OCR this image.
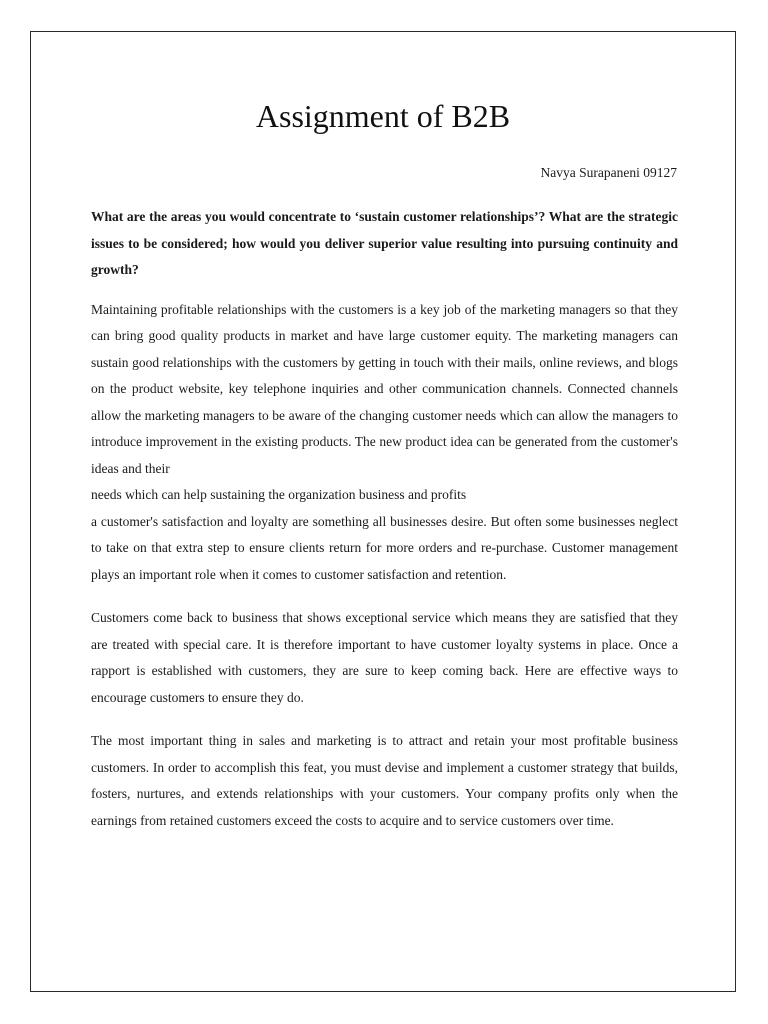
Assignment of B2B

Navya Surapaneni 09127

What are the areas you would concentrate to ‘sustain customer relationships’? What are the strategic issues to be considered; how would you deliver superior value resulting into pursuing continuity and growth?

Maintaining profitable relationships with the customers is a key job of the marketing managers so that they can bring good quality products in market and have large customer equity. The marketing managers can sustain good relationships with the customers by getting in touch with their mails, online reviews, and blogs on the product website, key telephone inquiries and other communication channels. Connected channels allow the marketing managers to be aware of the changing customer needs which can allow the managers to introduce improvement in the existing products. The new product idea can be generated from the customer's ideas and their
needs which can help sustaining the organization business and profits
a customer's satisfaction and loyalty are something all businesses desire. But often some businesses neglect to take on that extra step to ensure clients return for more orders and re-purchase. Customer management plays an important role when it comes to customer satisfaction and retention.

Customers come back to business that shows exceptional service which means they are satisfied that they are treated with special care. It is therefore important to have customer loyalty systems in place. Once a rapport is established with customers, they are sure to keep coming back. Here are effective ways to encourage customers to ensure they do.

The most important thing in sales and marketing is to attract and retain your most profitable business customers. In order to accomplish this feat, you must devise and implement a customer strategy that builds, fosters, nurtures, and extends relationships with your customers. Your company profits only when the earnings from retained customers exceed the costs to acquire and to service customers over time.
